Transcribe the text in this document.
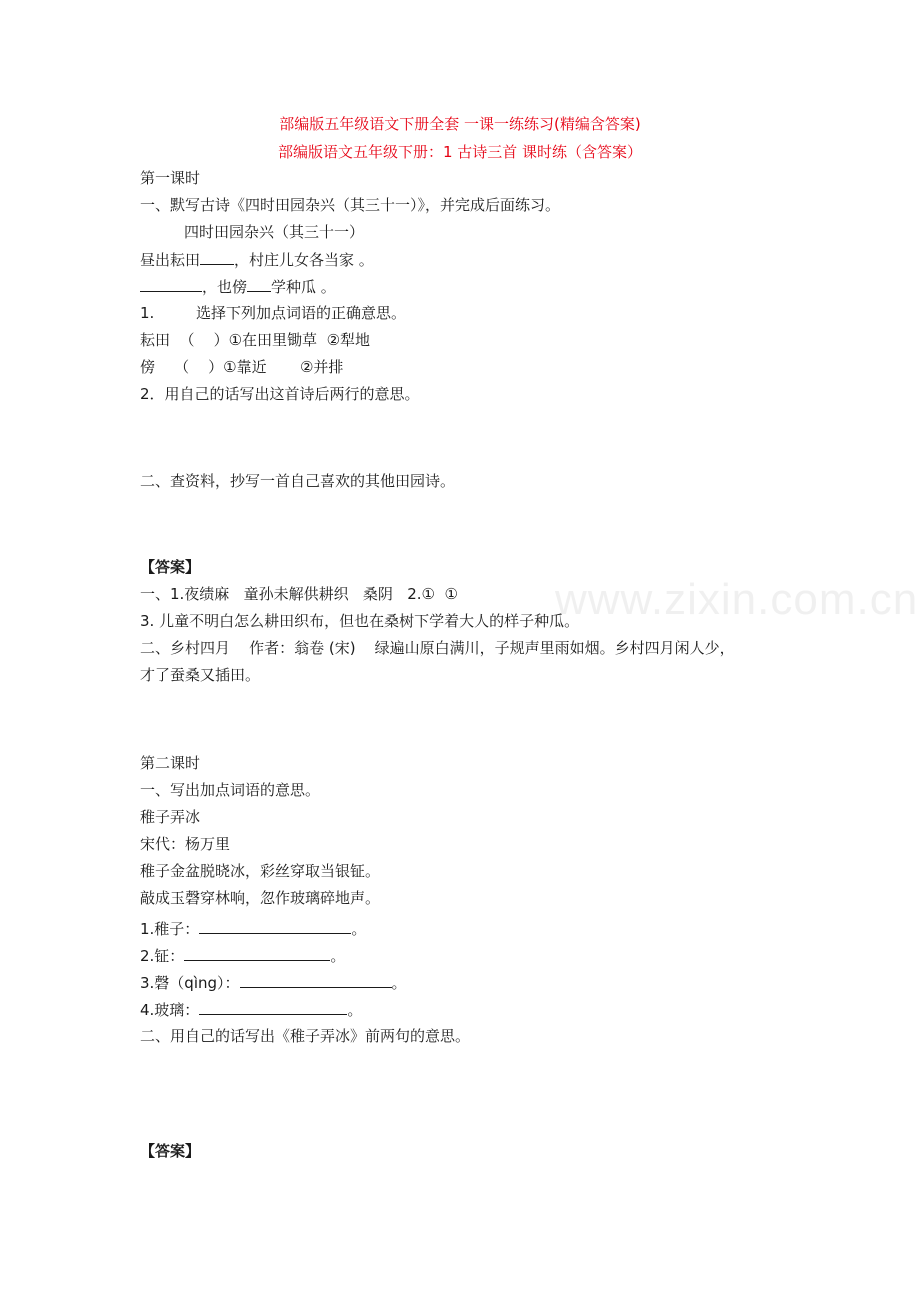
部编版五年级语文下册全套 一课一练练习(精编含答案)
部编版语文五年级下册：1 古诗三首 课时练（含答案）
第一课时
一、默写古诗《四时田园杂兴（其三十一）》，并完成后面练习。
四时田园杂兴（其三十一）
昼出耘田 ，村庄儿女各当家 。
，也傍 学种瓜 。
1.	选择下列加点词语的正确意思。
耘田  （    ）①在田里锄草  ②犁地
傍    （    ）①靠近       ②并排
2．用自己的话写出这首诗后两行的意思。
二、查资料，抄写一首自己喜欢的其他田园诗。
【答案】
一、1.夜绩麻   童孙未解供耕织   桑阴   2.①  ①
3. 儿童不明白怎么耕田织布，但也在桑树下学着大人的样子种瓜。
二、乡村四月    作者：翁卷 (宋)    绿遍山原白满川，子规声里雨如烟。乡村四月闲人少，
才了蚕桑又插田。
第二课时
一、写出加点词语的意思。
稚子弄冰
宋代：杨万里
稚子金盆脱晓冰，彩丝穿取当银钲。
敲成玉磬穿林响，忽作玻璃碎地声。
1.稚子：	。
2.钲：	。
3.磬（qìng）：	。
4.玻璃：	。
二、用自己的话写出《稚子弄冰》前两句的意思。
【答案】
www.zixin.com.cn
